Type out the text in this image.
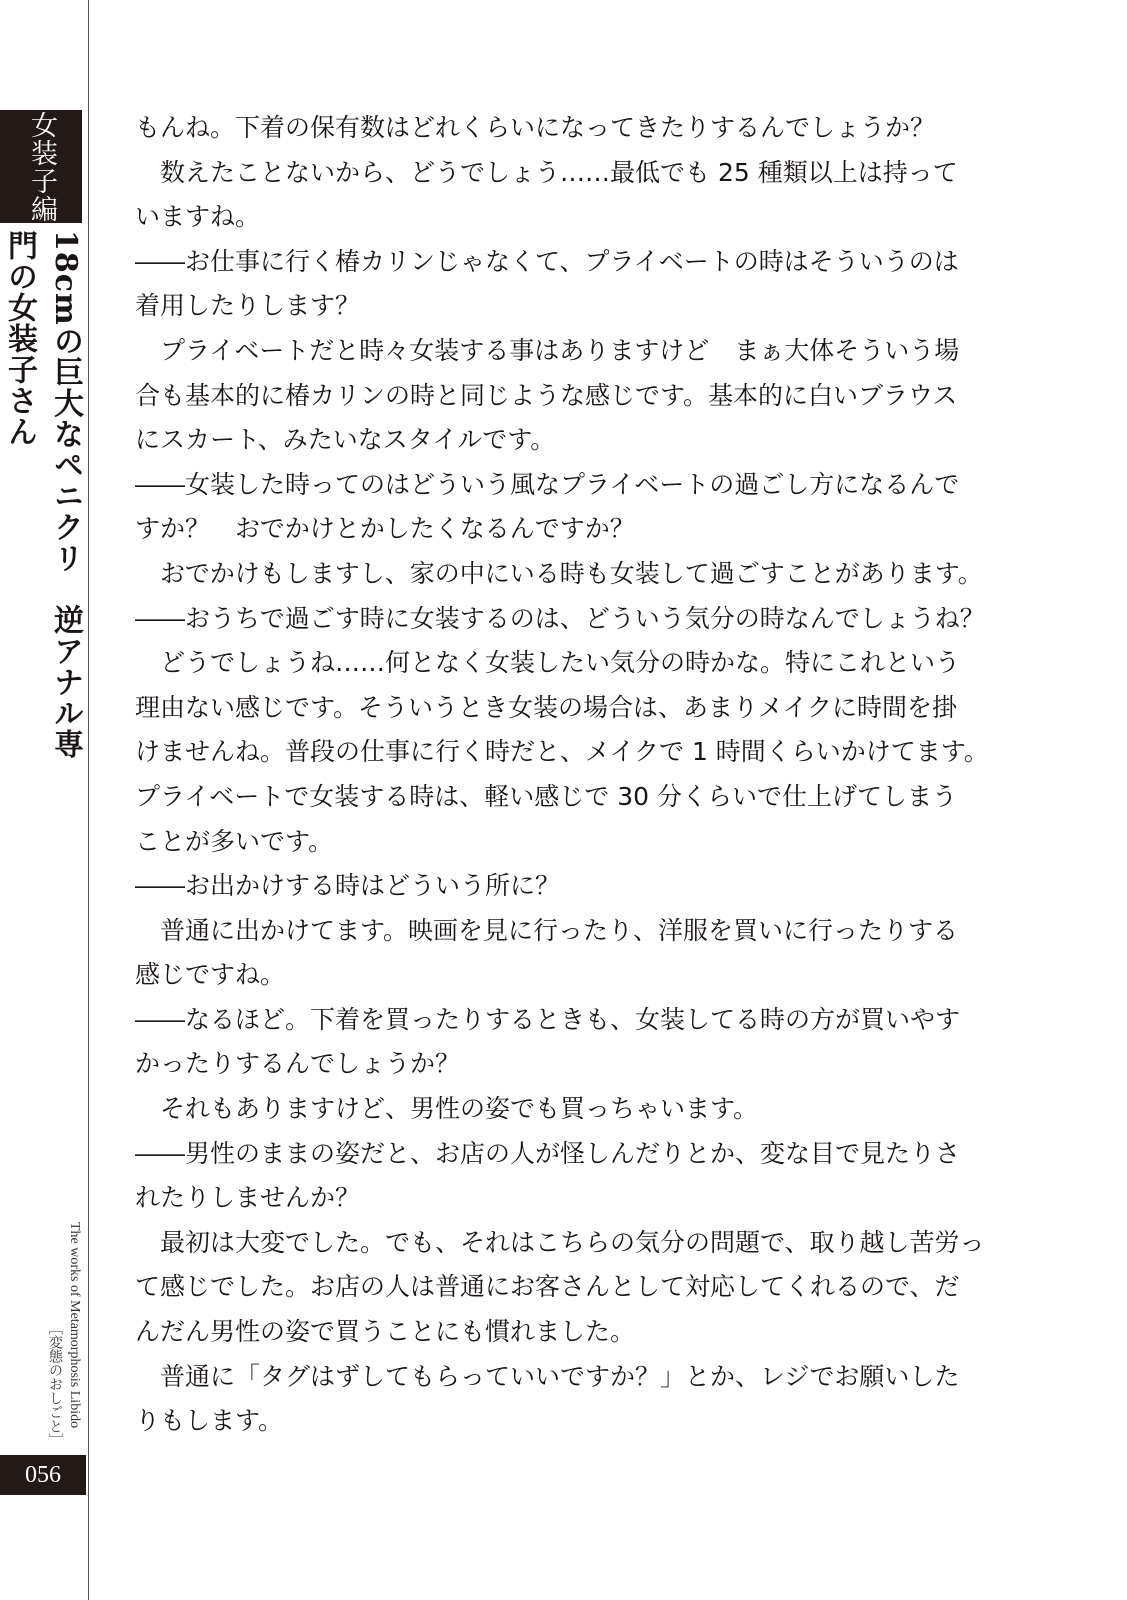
女装子編
18cmの巨大なペニクリ　逆アナル専門の女装子さん
The works of Metamorphosis Libido
［変態のおしごと］
056
もんね。下着の保有数はどれくらいになってきたりするんでしょうか？
　数えたことないから、どうでしょう……最低でも 25 種類以上は持って
いますね。
――お仕事に行く椿カリンじゃなくて、プライベートの時はそういうのは
着用したりします？
　プライベートだと時々女装する事はありますけど　まぁ大体そういう場
合も基本的に椿カリンの時と同じような感じです。基本的に白いブラウス
にスカート、みたいなスタイルです。
――女装した時ってのはどういう風なプライベートの過ごし方になるんで
すか？　おでかけとかしたくなるんですか？
　おでかけもしますし、家の中にいる時も女装して過ごすことがあります。
――おうちで過ごす時に女装するのは、どういう気分の時なんでしょうね？
　どうでしょうね……何となく女装したい気分の時かな。特にこれという
理由ない感じです。そういうとき女装の場合は、あまりメイクに時間を掛
けませんね。普段の仕事に行く時だと、メイクで 1 時間くらいかけてます。
プライベートで女装する時は、軽い感じで 30 分くらいで仕上げてしまう
ことが多いです。
――お出かけする時はどういう所に？
　普通に出かけてます。映画を見に行ったり、洋服を買いに行ったりする
感じですね。
――なるほど。下着を買ったりするときも、女装してる時の方が買いやす
かったりするんでしょうか？
　それもありますけど、男性の姿でも買っちゃいます。
――男性のままの姿だと、お店の人が怪しんだりとか、変な目で見たりさ
れたりしませんか？
　最初は大変でした。でも、それはこちらの気分の問題で、取り越し苦労っ
て感じでした。お店の人は普通にお客さんとして対応してくれるので、だ
んだん男性の姿で買うことにも慣れました。
　普通に「タグはずしてもらっていいですか？」とか、レジでお願いした
りもします。
